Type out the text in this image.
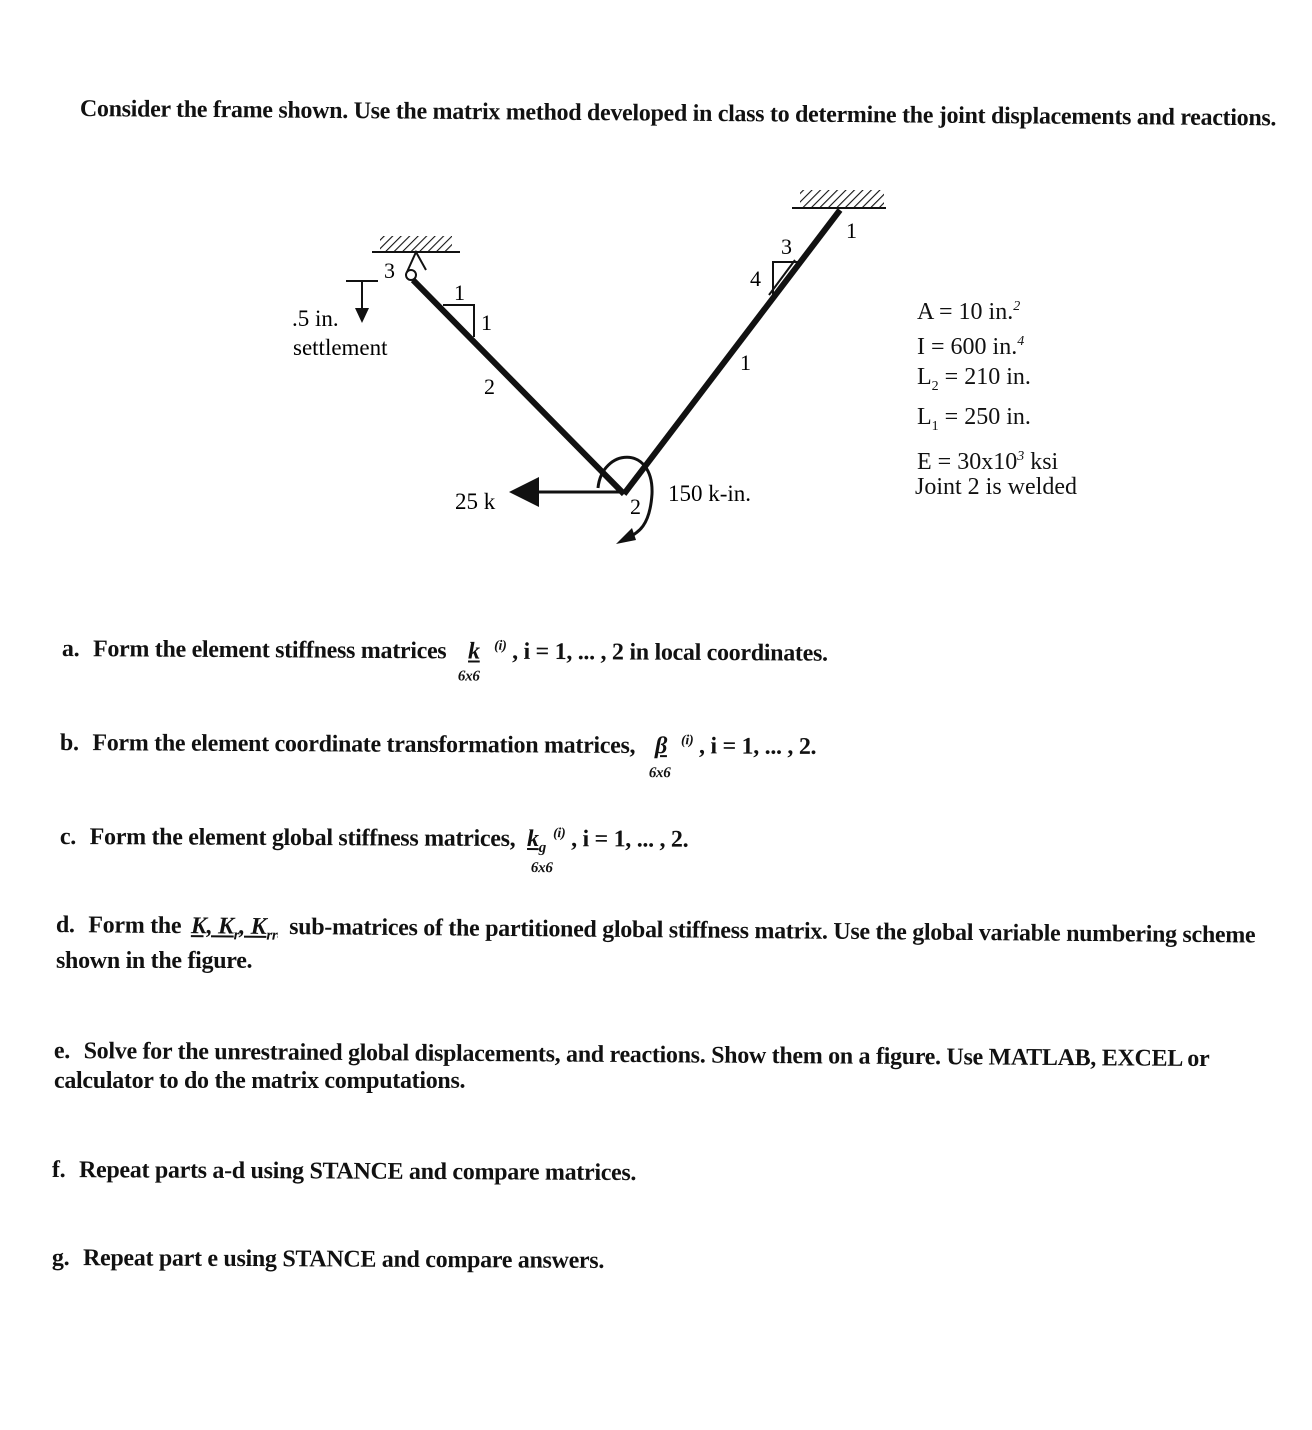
Consider the frame shown. Use the matrix method developed in class to determine the joint displacements and reactions.
3
1
1
2
3
4
1
1
2
.5 in.
settlement
25 k	150 k-in.
A = 10 in.$^2$
I = 600 in.$^4$
$L_2 = 210$ in.
$L_1 = 250$ in.
$E = 30x10^3$ ksi
Joint 2 is welded
a. Form the element stiffness matrices k
6x6
$^{(i)}$ , i = 1, ... , 2 in local coordinates.
b. Form the element coordinate transformation matrices, β
6x6
$^{(i)}$ , i = 1, ... , 2.
c. Form the element global stiffness matrices, $k_g$
6x6
$^{(i)}$ , i = 1, ... , 2.
d. Form the K, $K_r$, $K_{rr}$ sub-matrices of the partitioned global stiffness matrix. Use the global variable numbering scheme
shown in the figure.
e. Solve for the unrestrained global displacements, and reactions. Show them on a figure. Use MATLAB, EXCEL or
calculator to do the matrix computations.
f. Repeat parts a-d using STANCE and compare matrices.
g. Repeat part e using STANCE and compare answers.
